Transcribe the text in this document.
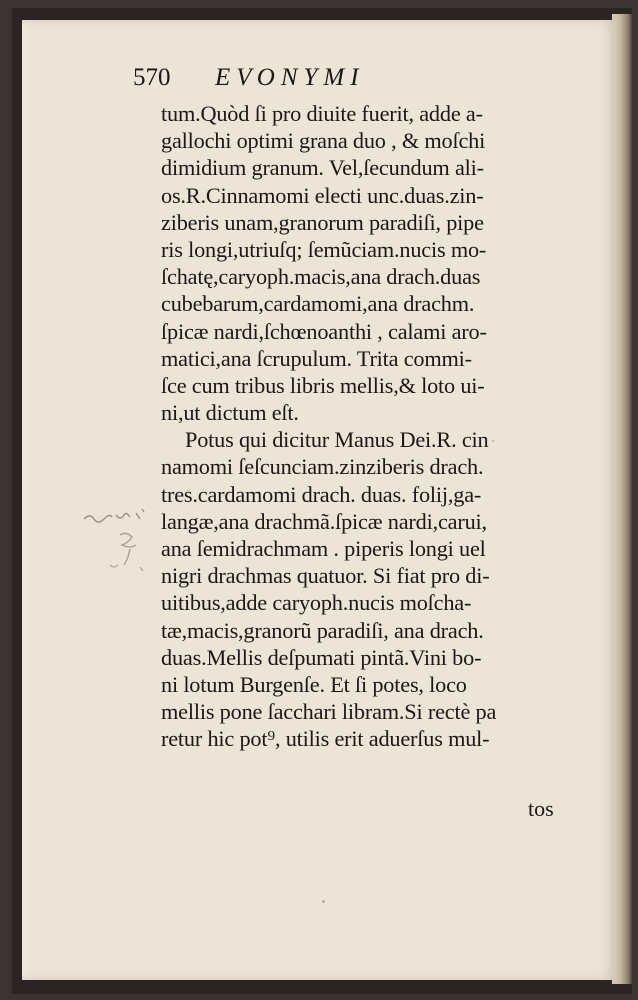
570 EVONYMI
tum.Quòd ſi pro diuite fuerit, adde a-
gallochi optimi grana duo , & moſchi
dimidium granum. Vel,ſecundum ali-
os.R.Cinnamomi electi unc.duas.zin-
ziberis unam,granorum paradiſi, pipe
ris longi,utriuſq; ſemũciam.nucis mo-
ſchatę,caryoph.macis,ana drach.duas
cubebarum,cardamomi,ana drachm.
ſpicæ nardi,ſchœnoanthi , calami aro-
matici,ana ſcrupulum. Trita commi-
ſce cum tribus libris mellis,& loto ui-
ni,ut dictum eſt.
Potus qui dicitur Manus Dei.R. cin
namomi ſeſcunciam.zinziberis drach.
tres.cardamomi drach. duas. folij,ga-
langæ,ana drachmã.ſpicæ nardi,carui,
ana ſemidrachmam . piperis longi uel
nigri drachmas quatuor. Si fiat pro di-
uitibus,adde caryoph.nucis moſcha-
tæ,macis,granorũ paradiſi, ana drach.
duas.Mellis deſpumati pintã.Vini bo-
ni lotum Burgenſe. Et ſi potes, loco
mellis pone ſacchari libram.Si rectè pa
retur hic pot⁹, utilis erit aduerſus mul-
tos
